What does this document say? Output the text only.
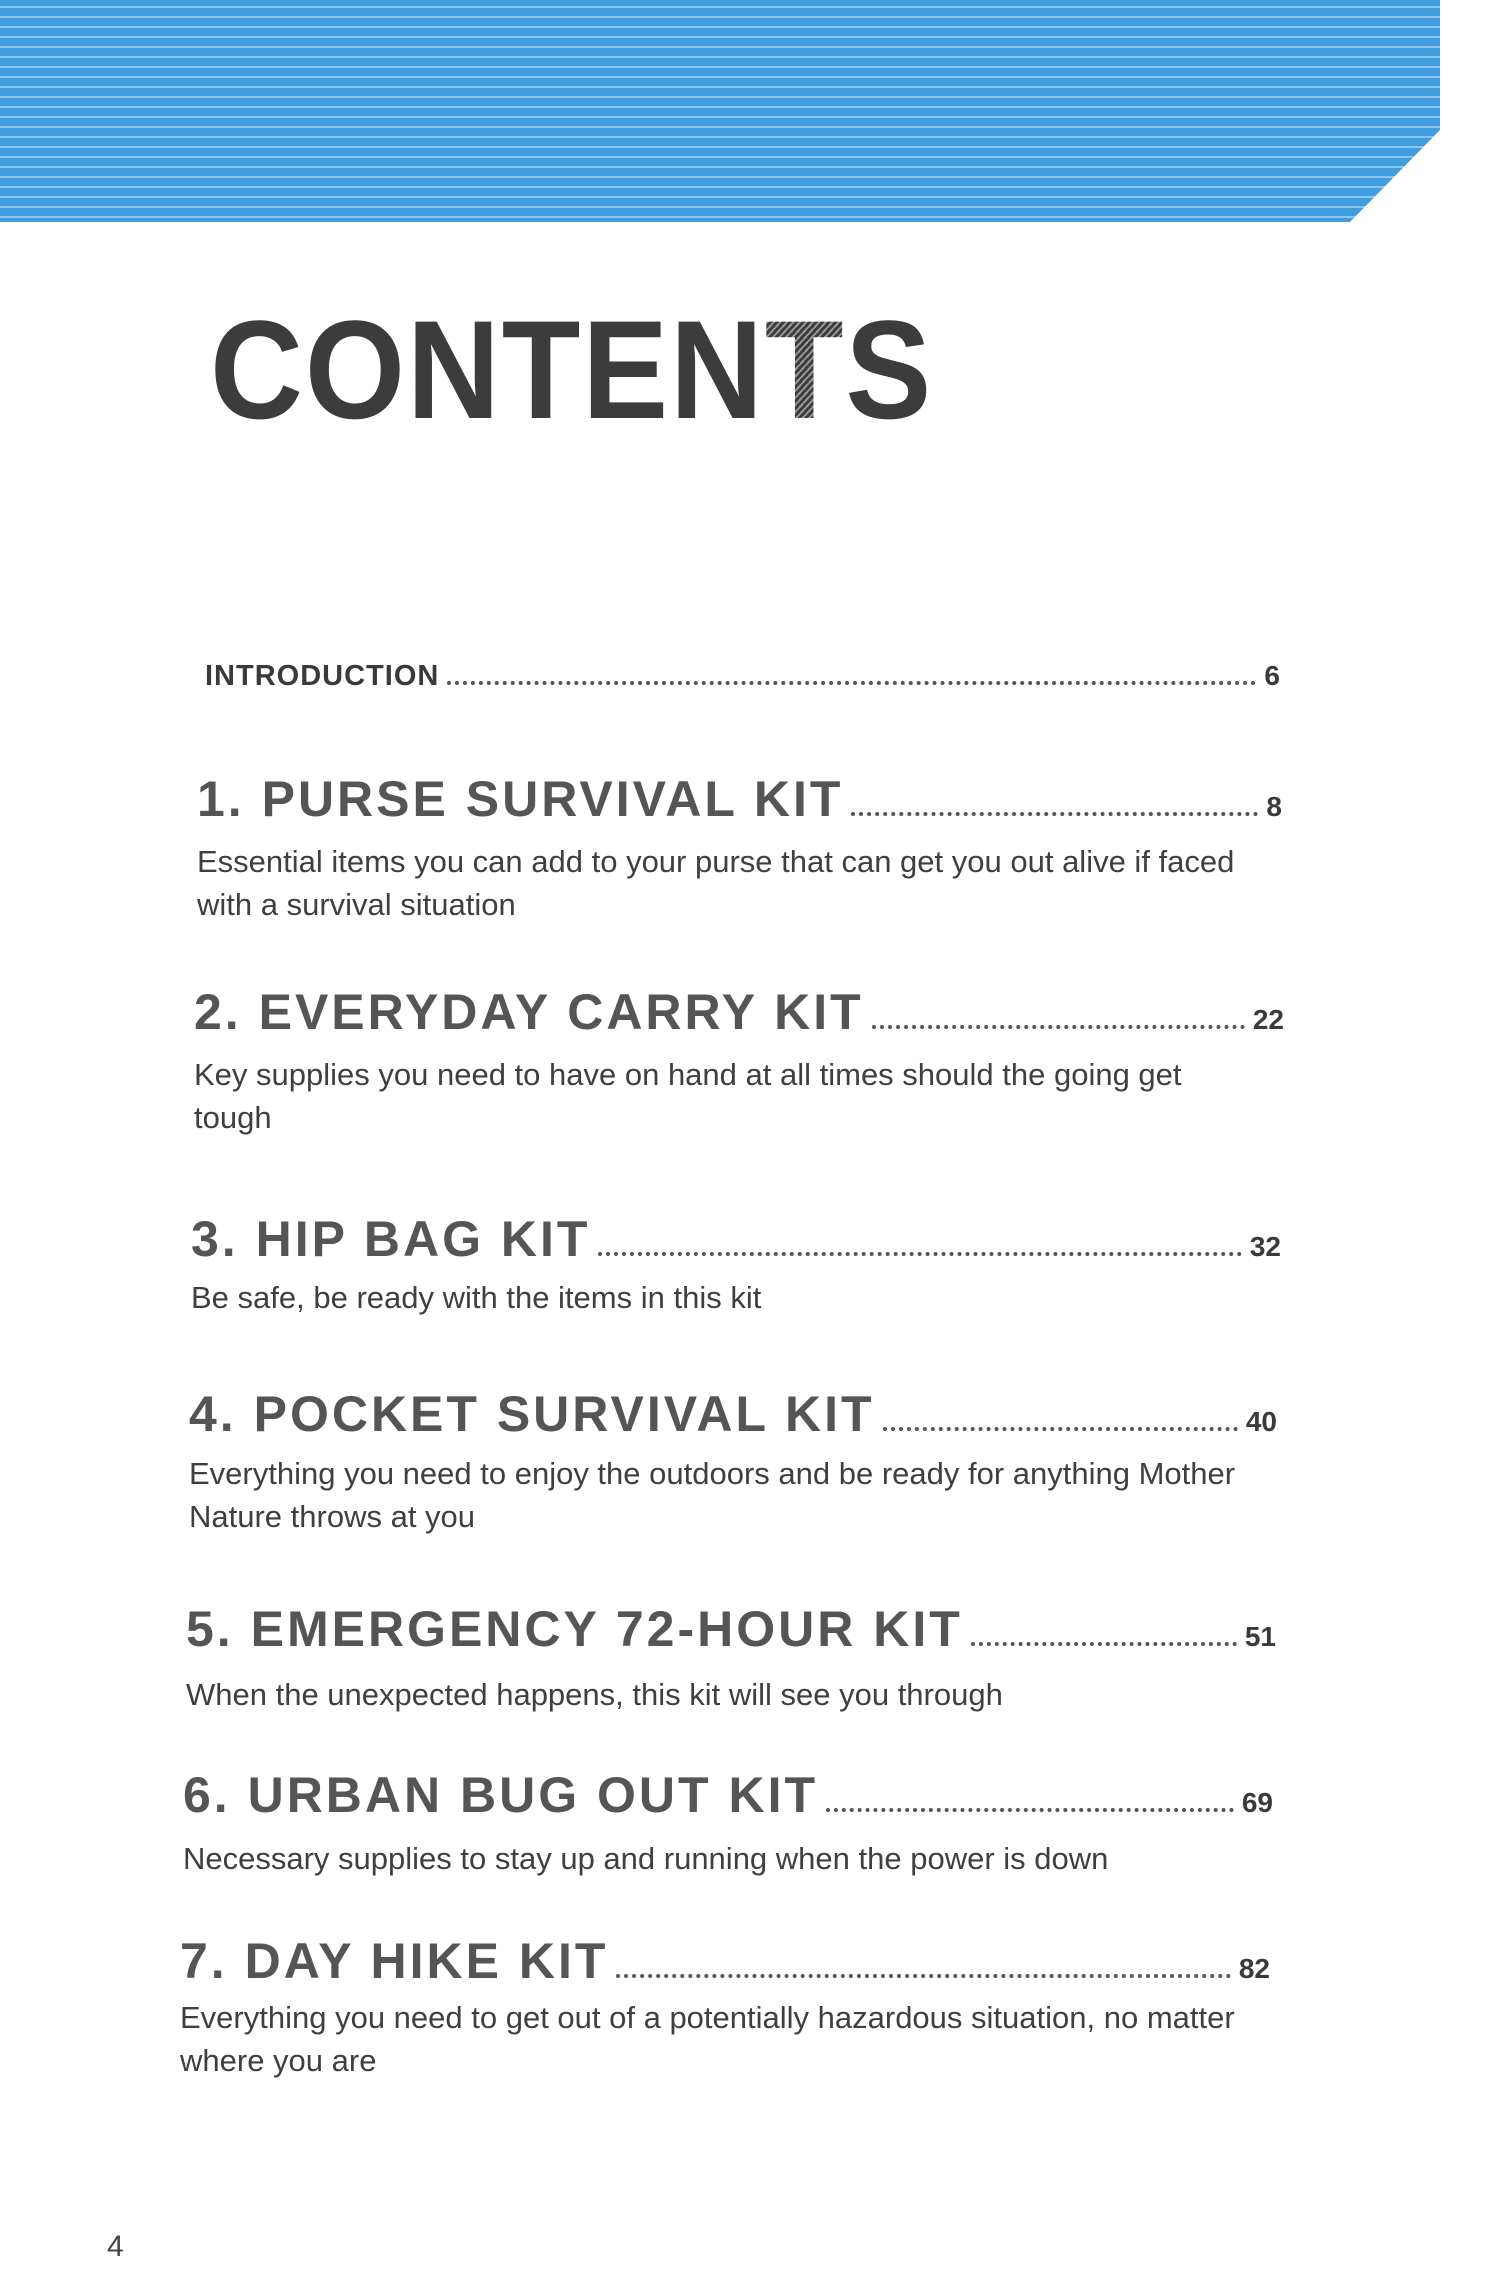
CONTENTS
INTRODUCTION	6
1. PURSE SURVIVAL KIT	8

Essential items you can add to your purse that can get you out alive if faced with a survival situation

2. EVERYDAY CARRY KIT	22

Key supplies you need to have on hand at all times should the going get tough

3. HIP BAG KIT	32

Be safe, be ready with the items in this kit

4. POCKET SURVIVAL KIT	40

Everything you need to enjoy the outdoors and be ready for anything Mother Nature throws at you

5. EMERGENCY 72-HOUR KIT	51

When the unexpected happens, this kit will see you through

6. URBAN BUG OUT KIT	69

Necessary supplies to stay up and running when the power is down

7. DAY HIKE KIT	82

Everything you need to get out of a potentially hazardous situation, no matter where you are

4
